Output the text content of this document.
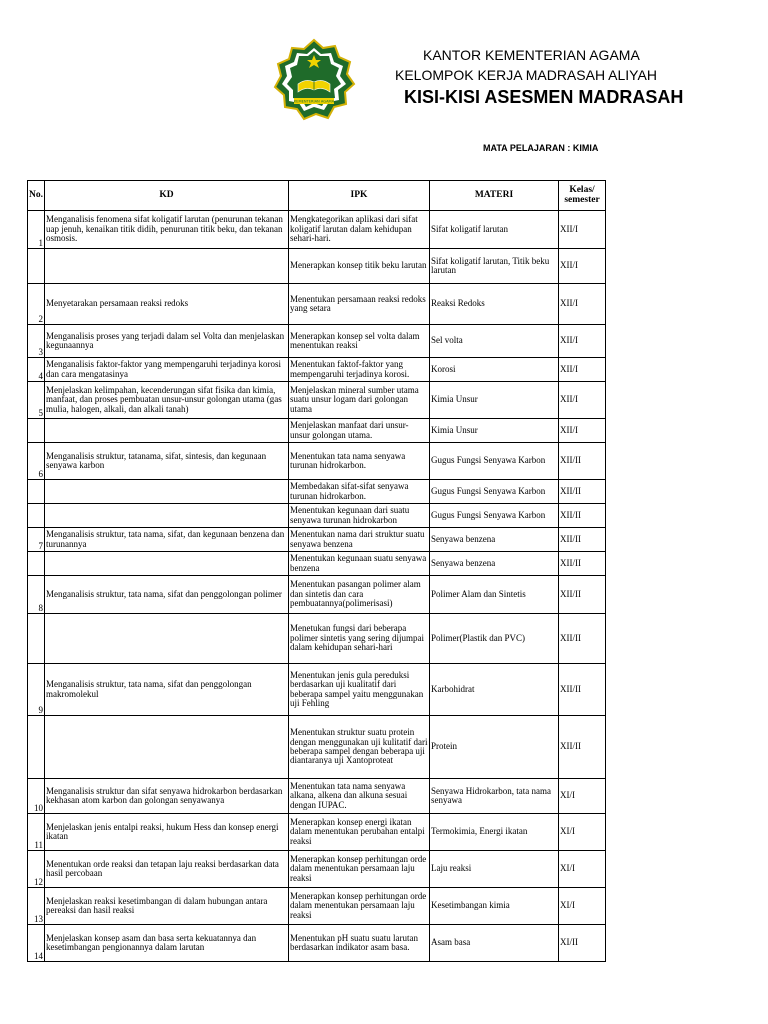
KEMENTERIAN AGAMA
KANTOR KEMENTERIAN AGAMA
KELOMPOK KERJA MADRASAH ALIYAH
KISI-KISI ASESMEN MADRASAH
MATA PELAJARAN : KIMIA
No.	KD	IPK	MATERI	Kelas/ semester
1	Menganalisis fenomena sifat koligatif larutan (penurunan tekanan uap jenuh, kenaikan titik didih, penurunan titik beku, dan tekanan osmosis.	Mengkategorikan aplikasi dari sifat koligatif larutan dalam kehidupan sehari-hari.	Sifat koligatif larutan	XII/I
		Menerapkan konsep titik beku larutan	Sifat koligatif larutan, Titik beku larutan	XII/I
2	Menyetarakan persamaan reaksi redoks	Menentukan persamaan reaksi redoks yang setara	Reaksi Redoks	XII/I
3	Menganalisis proses yang terjadi dalam sel Volta dan menjelaskan kegunaannya	Menerapkan konsep sel volta dalam menentukan reaksi	Sel volta	XII/I
4	Menganalisis faktor-faktor yang mempengaruhi terjadinya korosi dan cara mengatasinya	Menentukan faktof-faktor yang mempengaruhi terjadinya korosi.	Korosi	XII/I
5	Menjelaskan kelimpahan, kecenderungan sifat fisika dan kimia, manfaat, dan proses pembuatan unsur-unsur golongan utama (gas mulia, halogen, alkali, dan alkali tanah)	Menjelaskan mineral sumber utama suatu unsur logam dari golongan utama	Kimia Unsur	XII/I
		Menjelaskan manfaat dari unsur-unsur golongan utama.	Kimia Unsur	XII/I
6	Menganalisis struktur, tatanama, sifat, sintesis, dan kegunaan senyawa karbon	Menentukan tata nama senyawa turunan hidrokarbon.	Gugus Fungsi Senyawa Karbon	XII/II
		Membedakan sifat-sifat senyawa turunan hidrokarbon.	Gugus Fungsi Senyawa Karbon	XII/II
		Menentukan kegunaan dari suatu senyawa turunan hidrokarbon	Gugus Fungsi Senyawa Karbon	XII/II
7	Menganalisis struktur, tata nama, sifat, dan kegunaan benzena dan turunannya	Menentukan nama dari struktur suatu senyawa benzena	Senyawa benzena	XII/II
		Menentukan kegunaan suatu senyawa benzena	Senyawa benzena	XII/II
8	Menganalisis struktur, tata nama, sifat dan penggolongan polimer	Menentukan pasangan polimer alam dan sintetis dan cara pembuatannya(polimerisasi)	Polimer Alam dan Sintetis	XII/II
		Menetukan fungsi dari beberapa polimer sintetis yang sering dijumpai dalam kehidupan sehari-hari	Polimer(Plastik dan PVC)	XII/II
9	Menganalisis struktur, tata nama, sifat dan penggolongan makromolekul	Menentukan jenis gula pereduksi berdasarkan uji kualitatif dari beberapa sampel yaitu menggunakan uji Fehling	Karbohidrat	XII/II
		Menentukan struktur suatu protein dengan menggunakan uji kulitatif dari beberapa sampel dengan beberapa uji diantaranya uji Xantoproteat	Protein	XII/II
10	Menganalisis struktur dan sifat senyawa hidrokarbon berdasarkan kekhasan atom karbon dan golongan senyawanya	Menentukan tata nama senyawa alkana, alkena dan alkuna sesuai dengan IUPAC.	Senyawa Hidrokarbon, tata nama senyawa	XI/I
11	Menjelaskan jenis entalpi reaksi, hukum Hess dan konsep energi ikatan	Menerapkan konsep energi ikatan dalam menentukan perubahan entalpi reaksi	Termokimia, Energi ikatan	XI/I
12	Menentukan orde reaksi dan tetapan laju reaksi berdasarkan data hasil percobaan	Menerapkan konsep perhitungan orde dalam menentukan persamaan laju reaksi	Laju reaksi	XI/I
13	Menjelaskan reaksi kesetimbangan di dalam hubungan antara pereaksi dan hasil reaksi	Menerapkan konsep perhitungan orde dalam menentukan persamaan laju reaksi	Kesetimbangan kimia	XI/I
14	Menjelaskan konsep asam dan basa serta kekuatannya dan kesetimbangan pengionannya dalam larutan	Menentukan pH suatu suatu larutan berdasarkan indikator asam basa.	Asam basa	XI/II
